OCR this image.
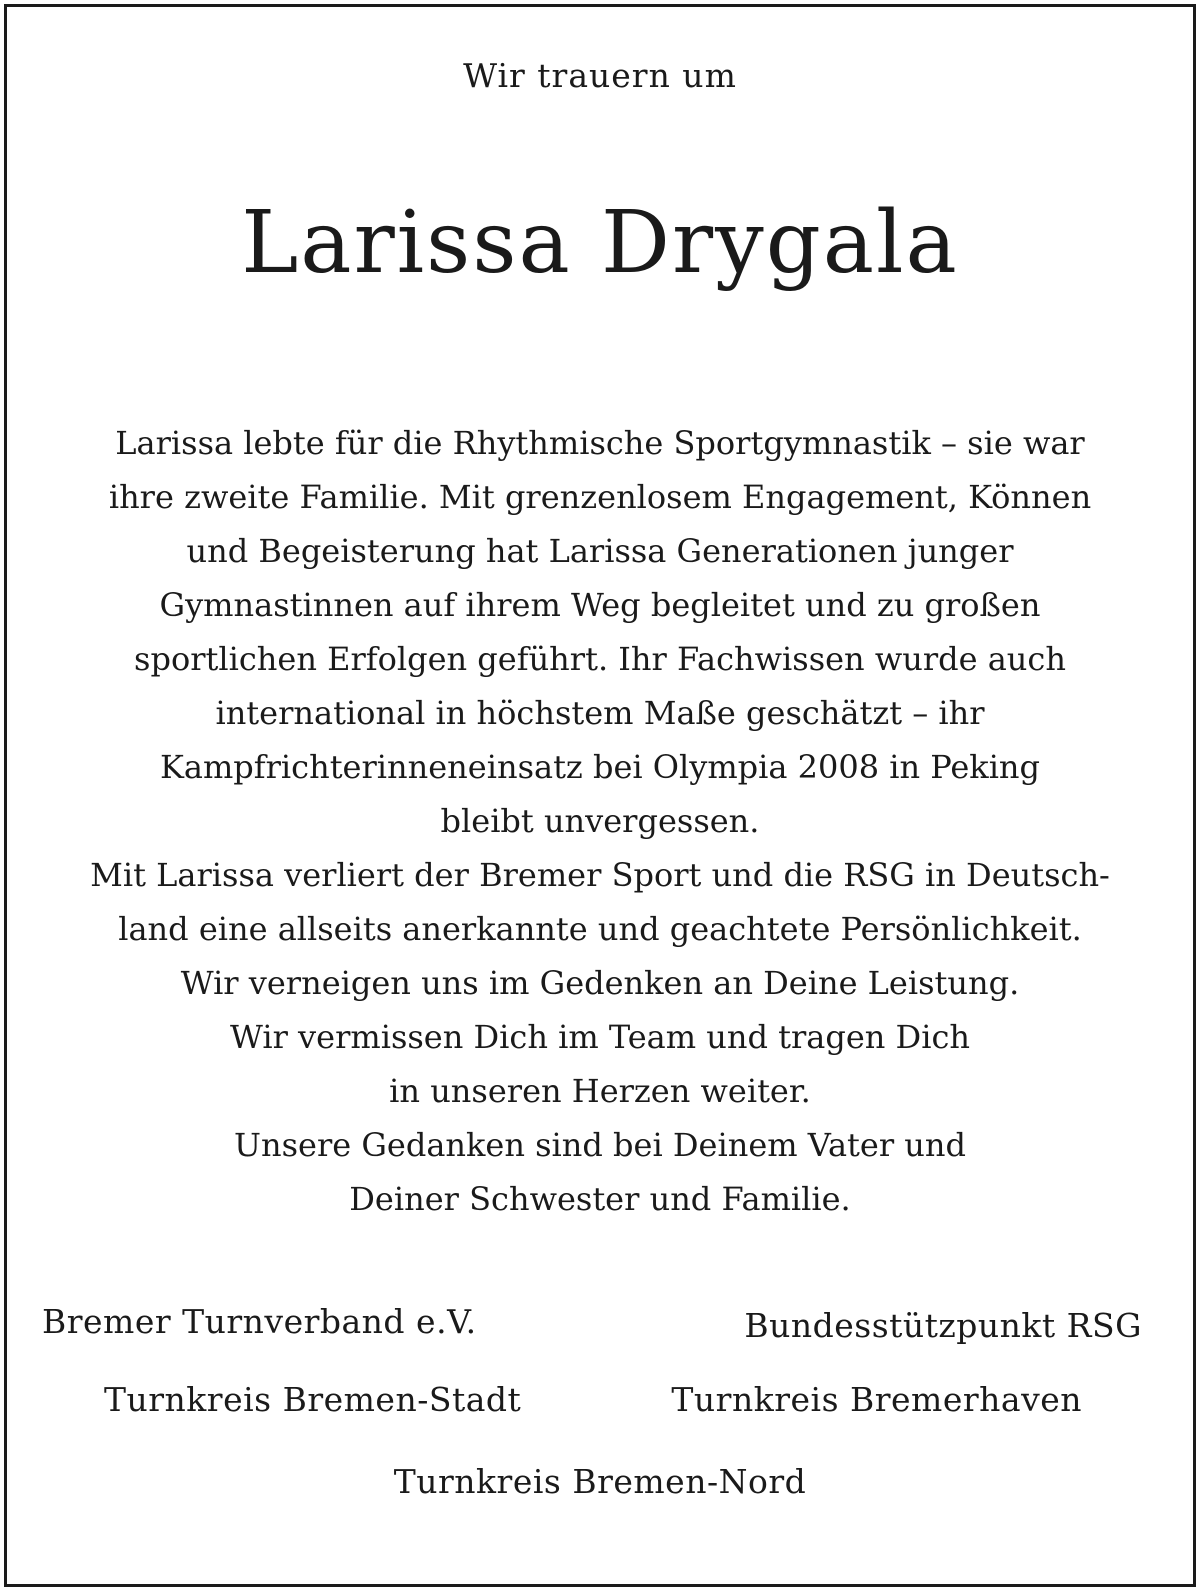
Wir trauern um
Larissa Drygala
Larissa lebte für die Rhythmische Sportgymnastik – sie war
ihre zweite Familie. Mit grenzenlosem Engagement, Können
und Begeisterung hat Larissa Generationen junger
Gymnastinnen auf ihrem Weg begleitet und zu großen
sportlichen Erfolgen geführt. Ihr Fachwissen wurde auch
international in höchstem Maße geschätzt – ihr
Kampfrichterinneneinsatz bei Olympia 2008 in Peking
bleibt unvergessen.
Mit Larissa verliert der Bremer Sport und die RSG in Deutsch-
land eine allseits anerkannte und geachtete Persönlichkeit.
Wir verneigen uns im Gedenken an Deine Leistung.
Wir vermissen Dich im Team und tragen Dich
in unseren Herzen weiter.
Unsere Gedanken sind bei Deinem Vater und
Deiner Schwester und Familie.
Bremer Turnverband e.V.	Bundesstützpunkt RSG
Turnkreis Bremen-Stadt	Turnkreis Bremerhaven
Turnkreis Bremen-Nord
